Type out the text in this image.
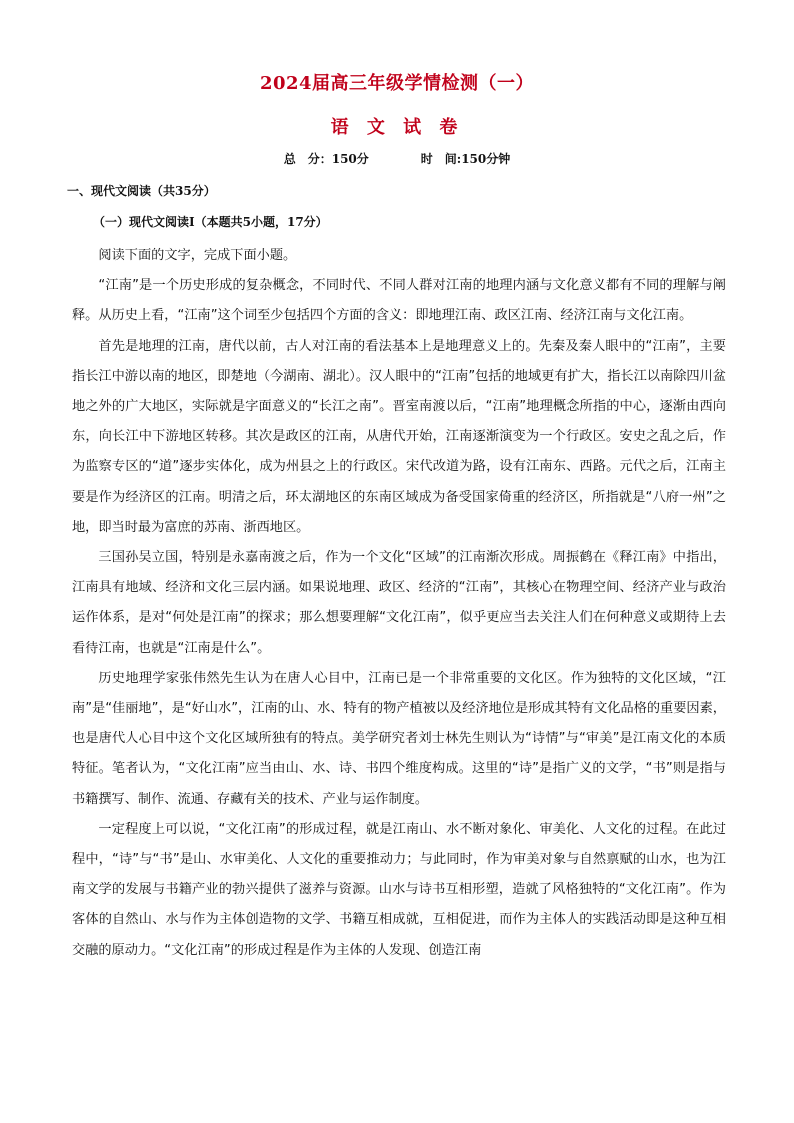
2024届高三年级学情检测（一）
语 文 试 卷
总　分：150分	时　间:150分钟
一、现代文阅读（共35分）
（一）现代文阅读Ⅰ（本题共5小题，17分）

阅读下面的文字，完成下面小题。

“江南”是一个历史形成的复杂概念，不同时代、不同人群对江南的地理内涵与文化意义都有不同的理解与阐释。从历史上看，“江南”这个词至少包括四个方面的含义：即地理江南、政区江南、经济江南与文化江南。

首先是地理的江南，唐代以前，古人对江南的看法基本上是地理意义上的。先秦及秦人眼中的“江南”，主要指长江中游以南的地区，即楚地（今湖南、湖北）。汉人眼中的“江南”包括的地域更有扩大，指长江以南除四川盆地之外的广大地区，实际就是字面意义的“长江之南”。晋室南渡以后，“江南”地理概念所指的中心，逐渐由西向东，向长江中下游地区转移。其次是政区的江南，从唐代开始，江南逐渐演变为一个行政区。安史之乱之后，作为监察专区的“道”逐步实体化，成为州县之上的行政区。宋代改道为路，设有江南东、西路。元代之后，江南主要是作为经济区的江南。明清之后，环太湖地区的东南区域成为备受国家倚重的经济区，所指就是“八府一州”之地，即当时最为富庶的苏南、浙西地区。

三国孙吴立国，特别是永嘉南渡之后，作为一个文化“区域”的江南渐次形成。周振鹤在《释江南》中指出，江南具有地域、经济和文化三层内涵。如果说地理、政区、经济的“江南”，其核心在物理空间、经济产业与政治运作体系，是对“何处是江南”的探求；那么想要理解“文化江南”，似乎更应当去关注人们在何种意义或期待上去看待江南，也就是“江南是什么”。

历史地理学家张伟然先生认为在唐人心目中，江南已是一个非常重要的文化区。作为独特的文化区域，“江南”是“佳丽地”，是“好山水”，江南的山、水、特有的物产植被以及经济地位是形成其特有文化品格的重要因素，也是唐代人心目中这个文化区域所独有的特点。美学研究者刘士林先生则认为“诗情”与“审美”是江南文化的本质特征。笔者认为，“文化江南”应当由山、水、诗、书四个维度构成。这里的“诗”是指广义的文学，“书”则是指与书籍撰写、制作、流通、存藏有关的技术、产业与运作制度。

一定程度上可以说，“文化江南”的形成过程，就是江南山、水不断对象化、审美化、人文化的过程。在此过程中，“诗”与“书”是山、水审美化、人文化的重要推动力；与此同时，作为审美对象与自然禀赋的山水，也为江南文学的发展与书籍产业的勃兴提供了滋养与资源。山水与诗书互相形塑，造就了风格独特的“文化江南”。作为客体的自然山、水与作为主体创造物的文学、书籍互相成就，互相促进，而作为主体人的实践活动即是这种互相交融的原动力。“文化江南”的形成过程是作为主体的人发现、创造江南
